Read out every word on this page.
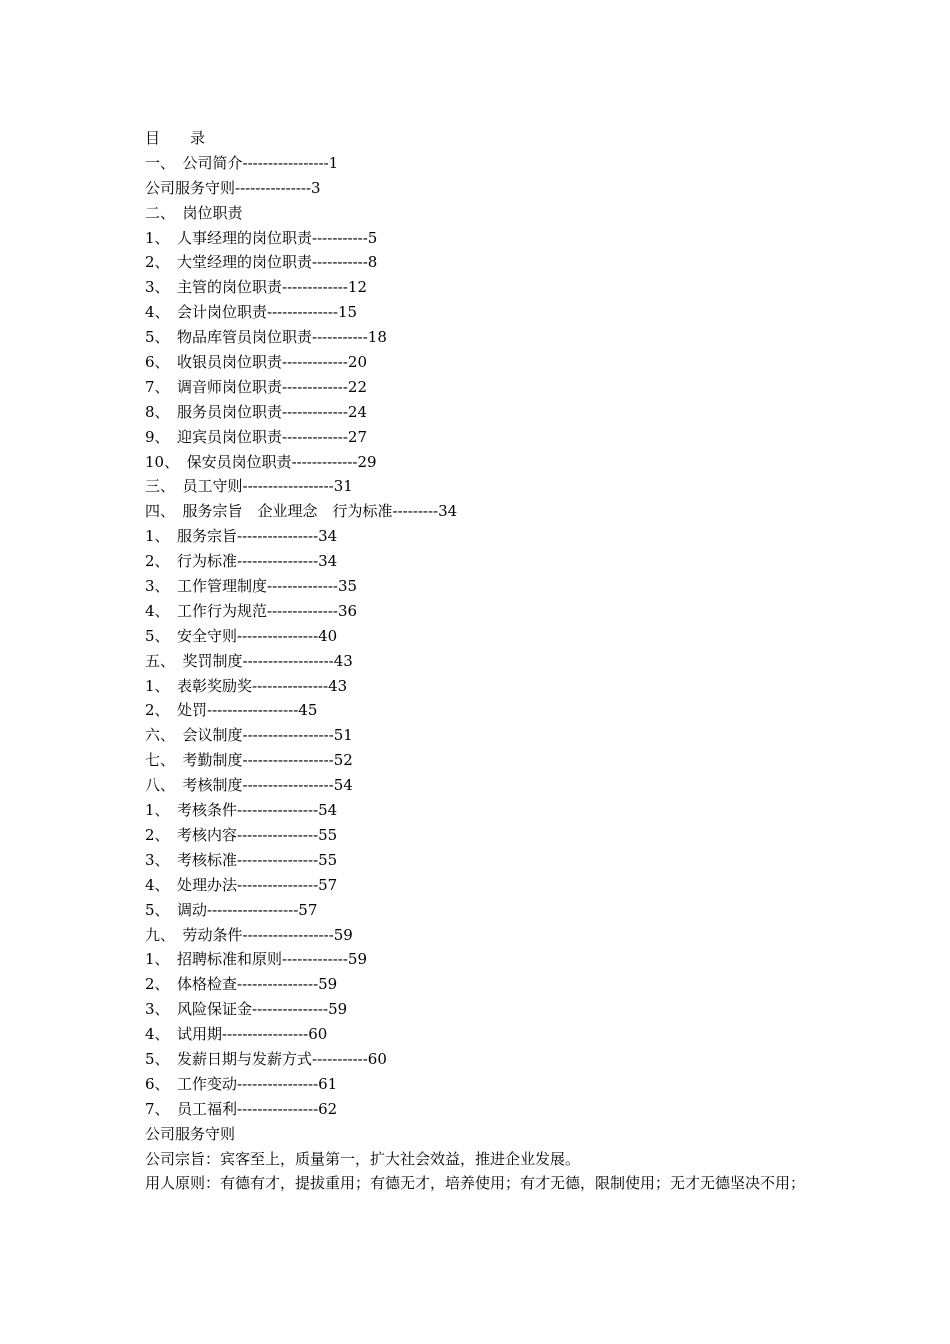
目　　录
一、　公司简介-----------------1
公司服务守则---------------3
二、　岗位职责
1、　人事经理的岗位职责-----------5
2、　大堂经理的岗位职责-----------8
3、　主管的岗位职责-------------12
4、　会计岗位职责--------------15
5、　物品库管员岗位职责-----------18
6、　收银员岗位职责-------------20
7、　调音师岗位职责-------------22
8、　服务员岗位职责-------------24
9、　迎宾员岗位职责-------------27
10、　保安员岗位职责-------------29
三、　员工守则------------------31
四、　服务宗旨　企业理念　行为标准---------34
1、　服务宗旨----------------34
2、　行为标准----------------34
3、　工作管理制度--------------35
4、　工作行为规范--------------36
5、　安全守则----------------40
五、　奖罚制度------------------43
1、　表彰奖励奖---------------43
2、　处罚------------------45
六、　会议制度------------------51
七、　考勤制度------------------52
八、　考核制度------------------54
1、　考核条件----------------54
2、　考核内容----------------55
3、　考核标准----------------55
4、　处理办法----------------57
5、　调动------------------57
九、　劳动条件------------------59
1、　招聘标准和原则-------------59
2、　体格检查----------------59
3、　风险保证金---------------59
4、　试用期-----------------60
5、　发薪日期与发薪方式-----------60
6、　工作变动----------------61
7、　员工福利----------------62
公司服务守则
公司宗旨：宾客至上，质量第一，扩大社会效益，推进企业发展。
用人原则：有德有才，提拔重用；有德无才，培养使用；有才无德，限制使用；无才无德坚决不用；
